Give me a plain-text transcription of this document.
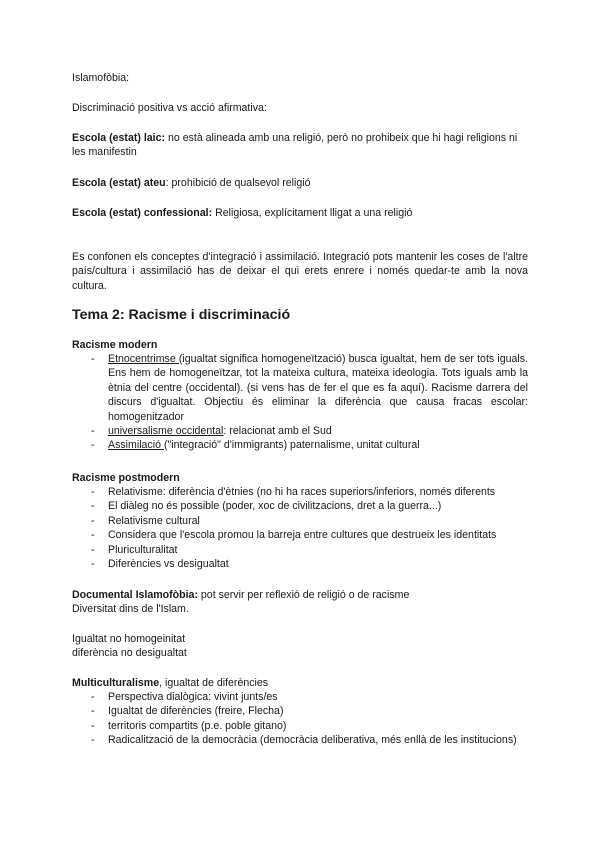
Islamofòbia:

Discriminació positiva vs acció afirmativa:

Escola (estat) laic: no està alineada amb una religió, però no prohibeix que hi hagi religions ni les manifestin

Escola (estat) ateu: prohibició de qualsevol religió

Escola (estat) confessional: Religiosa, explícitament lligat a una religió

Es confonen els conceptes d'integració i assimilació. Integració pots mantenir les coses de l'altre país/cultura i assimilació has de deixar el qui erets enrere i només quedar-te amb la nova cultura.

Tema 2: Racisme i discriminació

Racisme modern

- Etnocentrimse (igualtat significa homogeneïtzació) busca igualtat, hem de ser tots iguals. Ens hem de homogeneïtzar, tot la mateixa cultura, mateixa ideologia. Tots iguals amb la ètnia del centre (occidental). (si vens has de fer el que es fa aquí). Racisme darrera del discurs d'igualtat. Objectiu és eliminar la diferència que causa fracas escolar: homogenitzador
- universalisme occidental: relacionat amb el Sud
- Assimilació ("integració" d'immigrants) paternalisme, unitat cultural

Racisme postmodern

- Relativisme: diferència d'ètnies (no hi ha races superiors/inferiors, només diferents
- El diàleg no és possible (poder, xoc de civilitzacions, dret a la guerra...)
- Relativisme cultural
- Considera que l'escola promou la barreja entre cultures que destrueix les identitats
- Pluriculturalitat
- Diferències vs desigualtat

Documental Islamofòbia: pot servir per reflexió de religió o de racisme

Diversitat dins de l'Islam.

Igualtat no homogeinitat

diferència no desigualtat

Multiculturalisme, igualtat de diferències

- Perspectiva dialògica: vivint junts/es
- Igualtat de diferències (freire, Flecha)
- territoris compartits (p.e. poble gitano)
- Radicalització de la democràcia (democràcia deliberativa, més enllà de les institucions)
